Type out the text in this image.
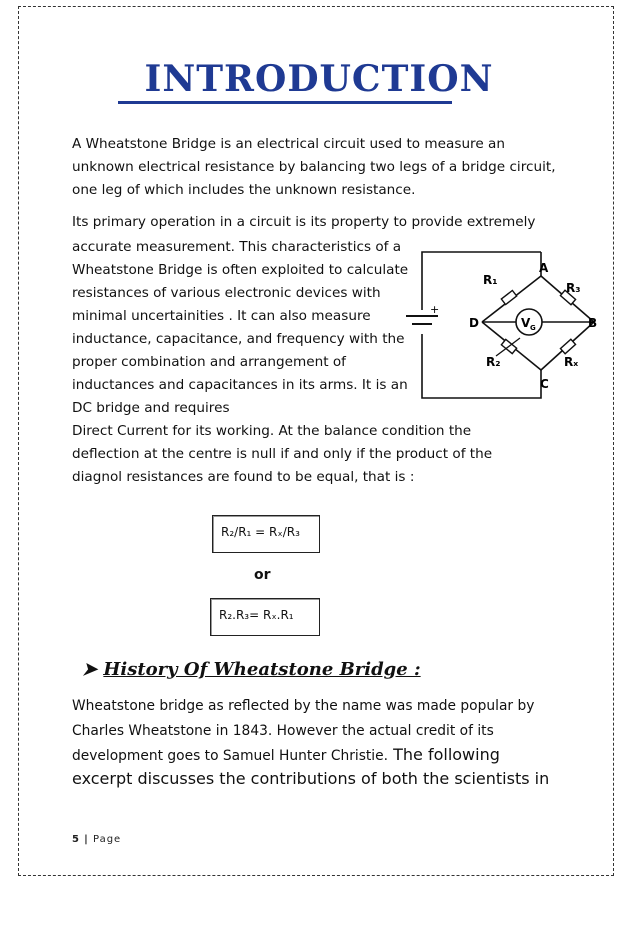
INTRODUCTION
A Wheatstone Bridge is an electrical circuit used to measure an unknown electrical resistance by balancing two legs of a bridge circuit, one leg of which includes the unknown resistance.
Its primary operation in a circuit is its property to provide extremely
accurate measurement. This characteristics of a Wheatstone Bridge is often exploited to calculate resistances of various electronic devices with minimal uncertainities . It can also measure inductance, capacitance, and frequency with the proper combination and arrangement of inductances and capacitances in its arms. It is an DC bridge and requires
Direct Current for its working. At the balance condition the deflection at the centre is null if and only if the product of the diagnol resistances are found to be equal, that is :
+
V G
A
B
C
D
R₁
R₃
R₂	Rₓ
R₂/R₁ = Rₓ/R₃
or
R₂.R₃= Rₓ.R₁
➤ History Of Wheatstone Bridge :
Wheatstone bridge as reflected by the name was made popular by Charles Wheatstone in 1843. However the actual credit of its development goes to Samuel Hunter Christie. The following
excerpt discusses the contributions of both the scientists in
5 | Page
